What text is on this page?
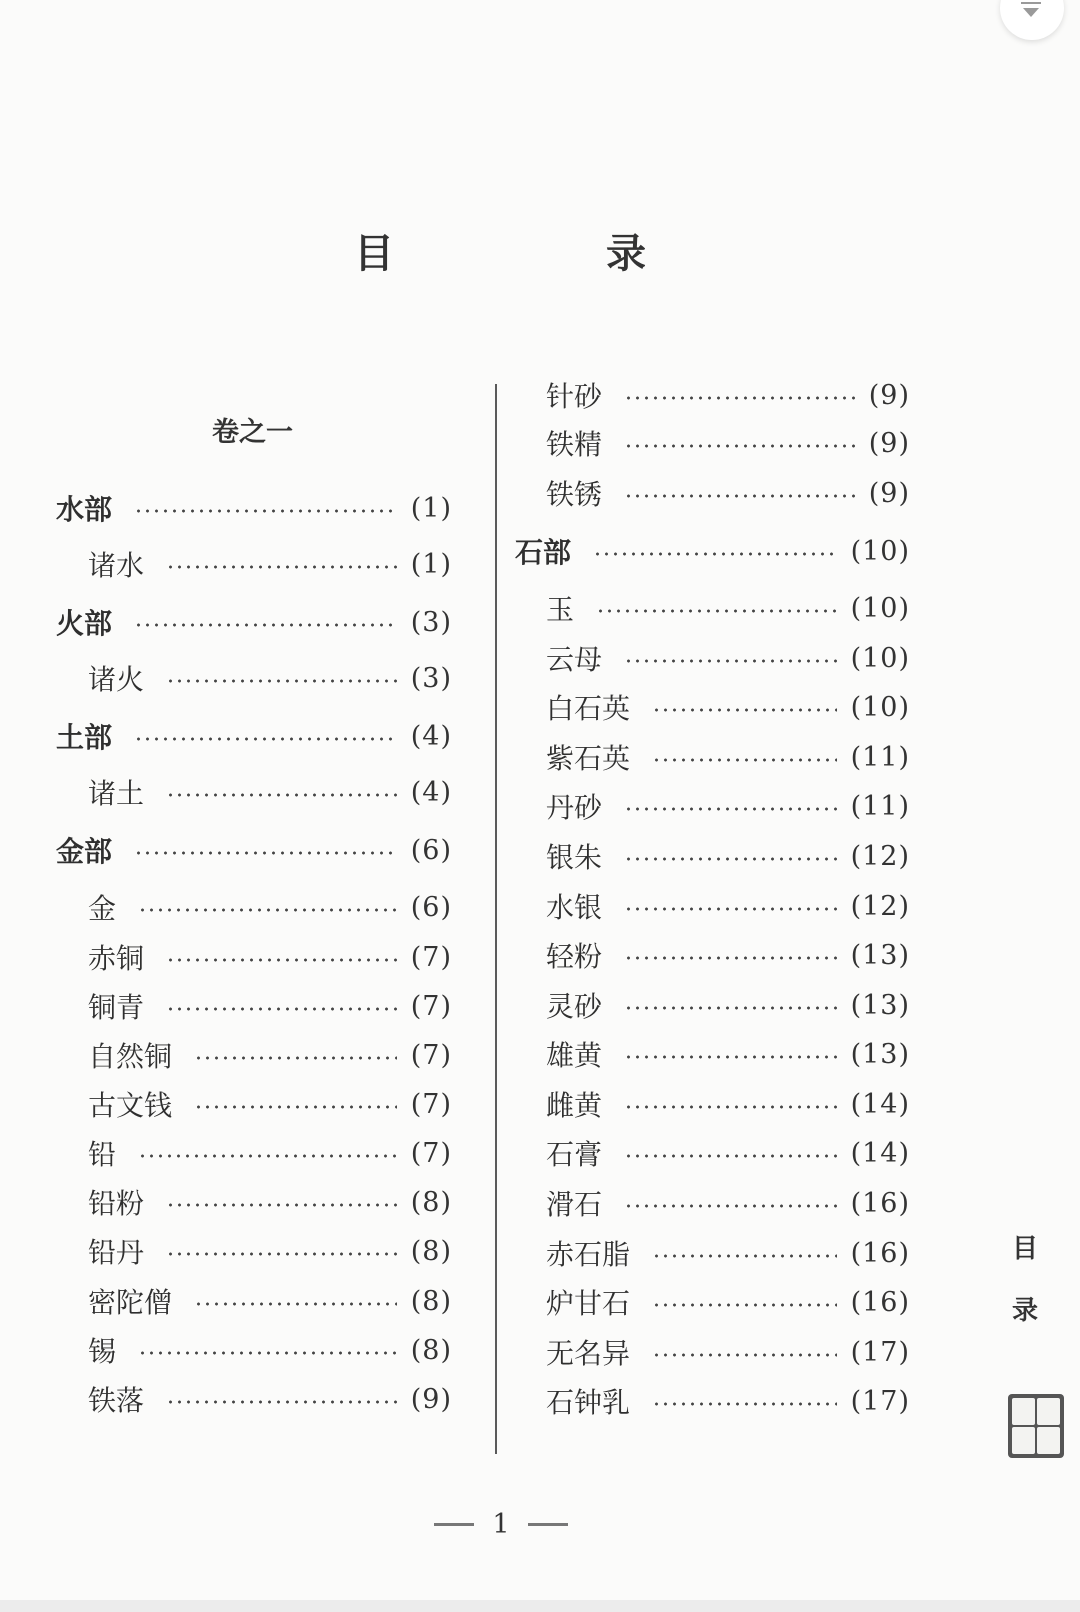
目　录
卷之一
水部	(1)
诸水	(1)
火部	(3)
诸火	(3)
土部	(4)
诸土	(4)
金部	(6)
金	(6)
赤铜	(7)
铜青	(7)
自然铜	(7)
古文钱	(7)
铅	(7)
铅粉	(8)
铅丹	(8)
密陀僧	(8)
锡	(8)
铁落	(9)
针砂	(9)
铁精	(9)
铁锈	(9)
石部	(10)
玉	(10)
云母	(10)
白石英	(10)
紫石英	(11)
丹砂	(11)
银朱	(12)
水银	(12)
轻粉	(13)
灵砂	(13)
雄黄	(13)
雌黄	(14)
石膏	(14)
滑石	(16)
赤石脂	(16)
炉甘石	(16)
无名异	(17)
石钟乳	(17)
1
目
录
